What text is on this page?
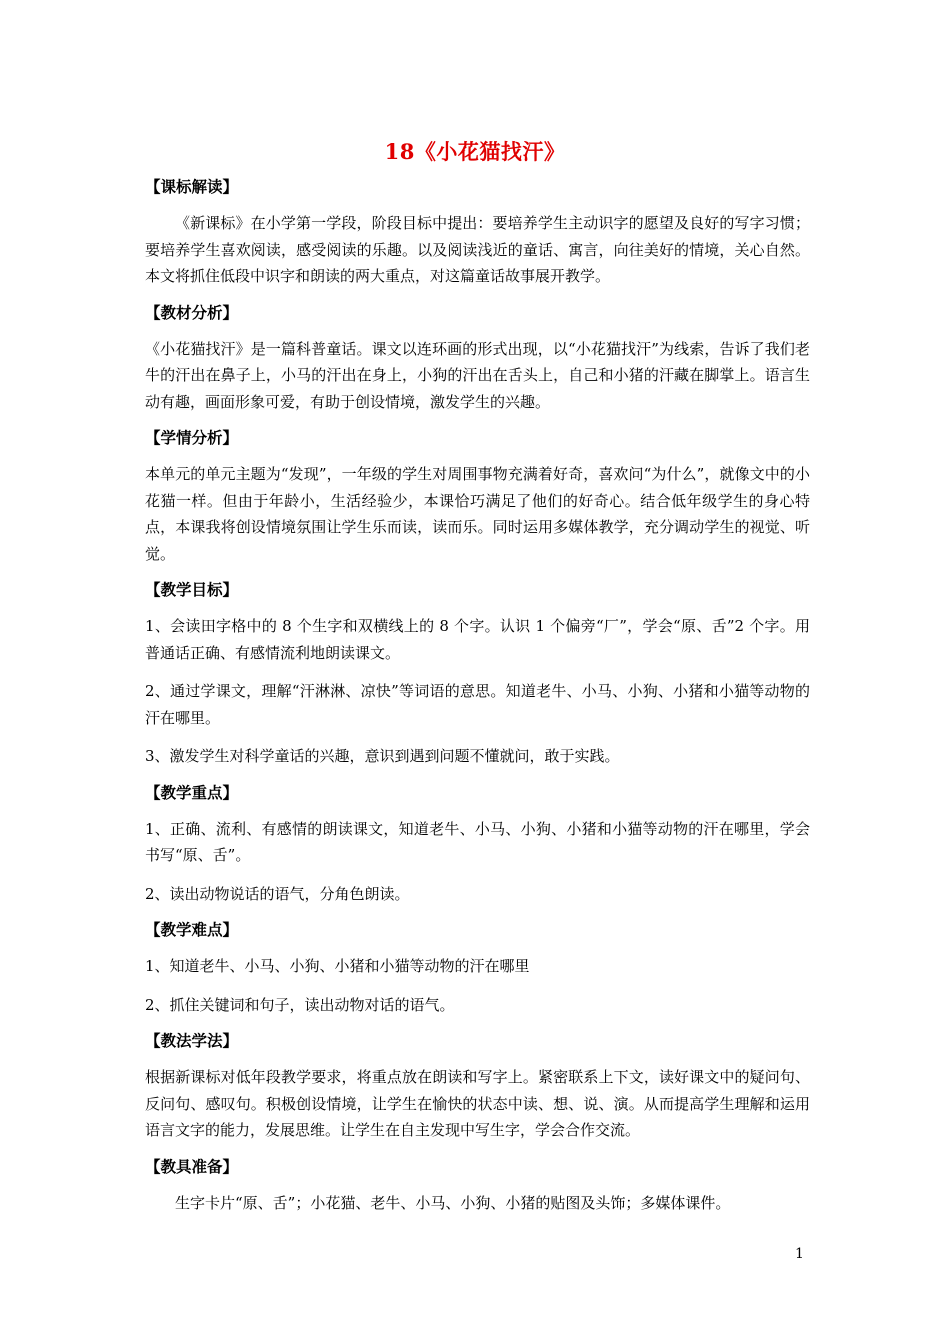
18《小花猫找汗》
【课标解读】

《新课标》在小学第一学段，阶段目标中提出：要培养学生主动识字的愿望及良好的写字习惯；要培养学生喜欢阅读，感受阅读的乐趣。以及阅读浅近的童话、寓言，向往美好的情境，关心自然。本文将抓住低段中识字和朗读的两大重点，对这篇童话故事展开教学。

【教材分析】

《小花猫找汗》是一篇科普童话。课文以连环画的形式出现，以“小花猫找汗”为线索，告诉了我们老牛的汗出在鼻子上，小马的汗出在身上，小狗的汗出在舌头上，自己和小猪的汗藏在脚掌上。语言生动有趣，画面形象可爱，有助于创设情境，激发学生的兴趣。

【学情分析】

本单元的单元主题为“发现”，一年级的学生对周围事物充满着好奇，喜欢问“为什么”，就像文中的小花猫一样。但由于年龄小，生活经验少，本课恰巧满足了他们的好奇心。结合低年级学生的身心特点，本课我将创设情境氛围让学生乐而读，读而乐。同时运用多媒体教学，充分调动学生的视觉、听觉。

【教学目标】

1、会读田字格中的 8 个生字和双横线上的 8 个字。认识 1 个偏旁“厂”，学会“原、舌”2 个字。用普通话正确、有感情流利地朗读课文。

2、通过学课文，理解“汗淋淋、凉快”等词语的意思。知道老牛、小马、小狗、小猪和小猫等动物的汗在哪里。

3、激发学生对科学童话的兴趣，意识到遇到问题不懂就问，敢于实践。

【教学重点】

1、正确、流利、有感情的朗读课文，知道老牛、小马、小狗、小猪和小猫等动物的汗在哪里，学会书写“原、舌”。

2、读出动物说话的语气，分角色朗读。

【教学难点】

1、知道老牛、小马、小狗、小猪和小猫等动物的汗在哪里

2、抓住关键词和句子，读出动物对话的语气。

【教法学法】

根据新课标对低年段教学要求，将重点放在朗读和写字上。紧密联系上下文，读好课文中的疑问句、反问句、感叹句。积极创设情境，让学生在愉快的状态中读、想、说、演。从而提高学生理解和运用语言文字的能力，发展思维。让学生在自主发现中写生字，学会合作交流。

【教具准备】

生字卡片“原、舌”；小花猫、老牛、小马、小狗、小猪的贴图及头饰；多媒体课件。

1
